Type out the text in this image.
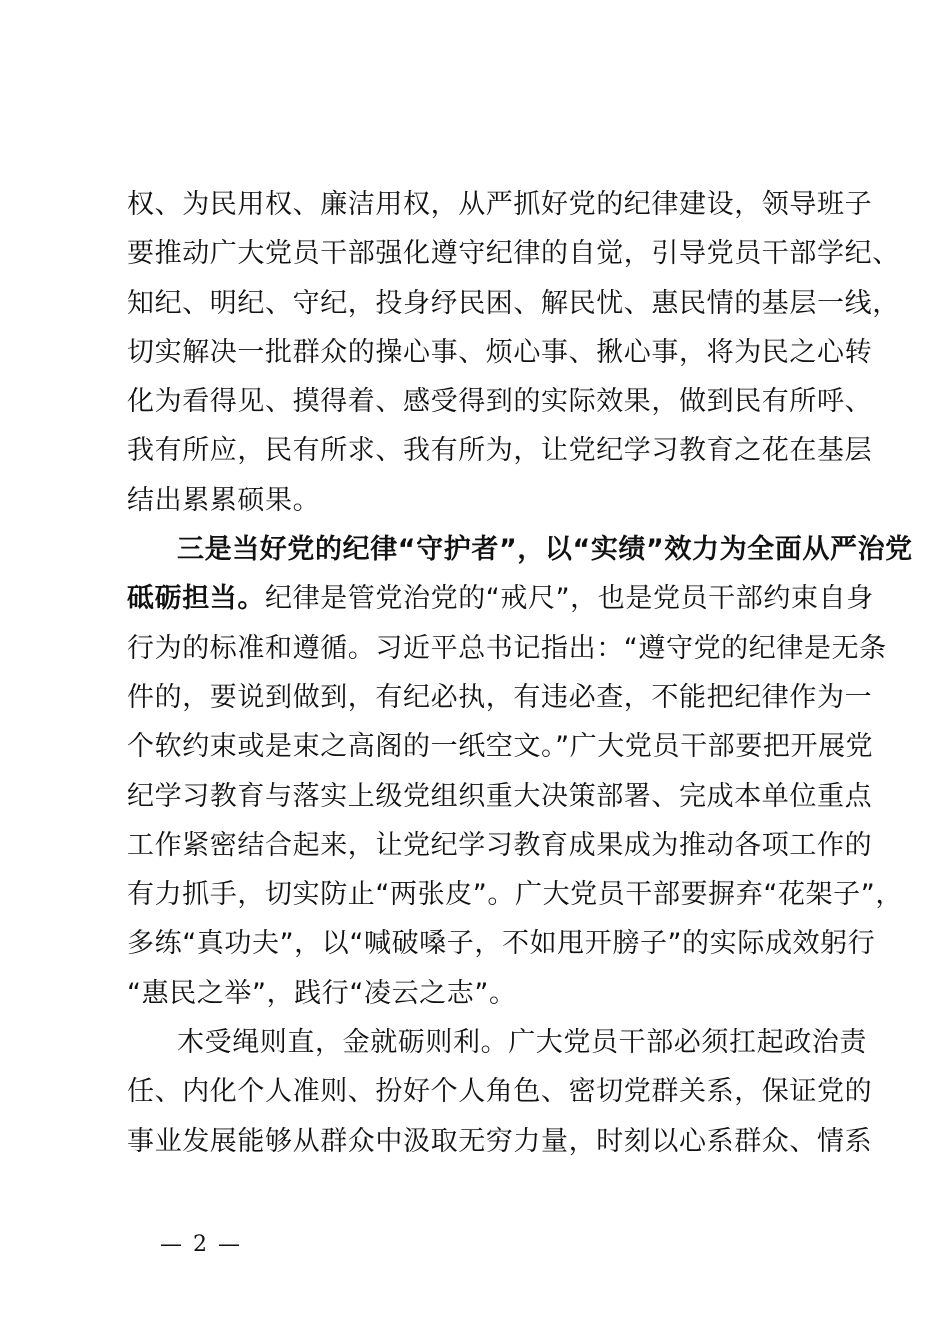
权、为民用权、廉洁用权，从严抓好党的纪律建设，领导班子
要推动广大党员干部强化遵守纪律的自觉，引导党员干部学纪、
知纪、明纪、守纪，投身纾民困、解民忧、惠民情的基层一线，
切实解决一批群众的操心事、烦心事、揪心事，将为民之心转
化为看得见、摸得着、感受得到的实际效果，做到民有所呼、
我有所应，民有所求、我有所为，让党纪学习教育之花在基层
结出累累硕果。
三是当好党的纪律“守护者”，以“实绩”效力为全面从严治党
砥砺担当。纪律是管党治党的“戒尺”，也是党员干部约束自身
行为的标准和遵循。习近平总书记指出：“遵守党的纪律是无条
件的，要说到做到，有纪必执，有违必查，不能把纪律作为一
个软约束或是束之高阁的一纸空文。”广大党员干部要把开展党
纪学习教育与落实上级党组织重大决策部署、完成本单位重点
工作紧密结合起来，让党纪学习教育成果成为推动各项工作的
有力抓手，切实防止“两张皮”。广大党员干部要摒弃“花架子”，
多练“真功夫”，以“喊破嗓子，不如甩开膀子”的实际成效躬行
“惠民之举”，践行“凌云之志”。
木受绳则直，金就砺则利。广大党员干部必须扛起政治责
任、内化个人准则、扮好个人角色、密切党群关系，保证党的
事业发展能够从群众中汲取无穷力量，时刻以心系群众、情系
— 2 —
